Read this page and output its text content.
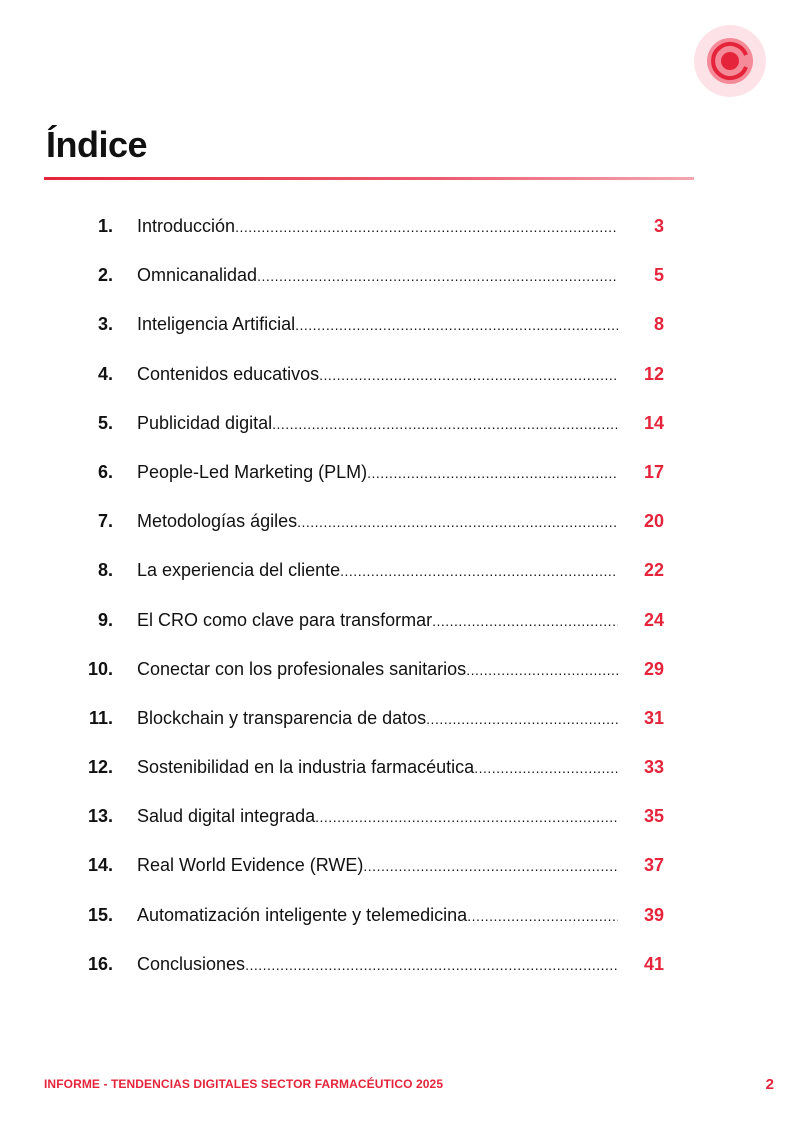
Índice
1. Introducción .....	3
2. Omnicanalidad .....	5
3. Inteligencia Artificial .....	8
4. Contenidos educativos .....	12
5. Publicidad digital .....	14
6. People-Led Marketing (PLM) .....	17
7. Metodologías ágiles .....	20
8. La experiencia del cliente .....	22
9. El CRO como clave para transformar .....	24
10. Conectar con los profesionales sanitarios .....	29
11. Blockchain y transparencia de datos .....	31
12. Sostenibilidad en la industria farmacéutica .....	33
13. Salud digital integrada .....	35
14. Real World Evidence (RWE) .....	37
15. Automatización inteligente y telemedicina .....	39
16. Conclusiones .....	41
INFORME - TENDENCIAS DIGITALES SECTOR FARMACÉUTICO 2025	2
